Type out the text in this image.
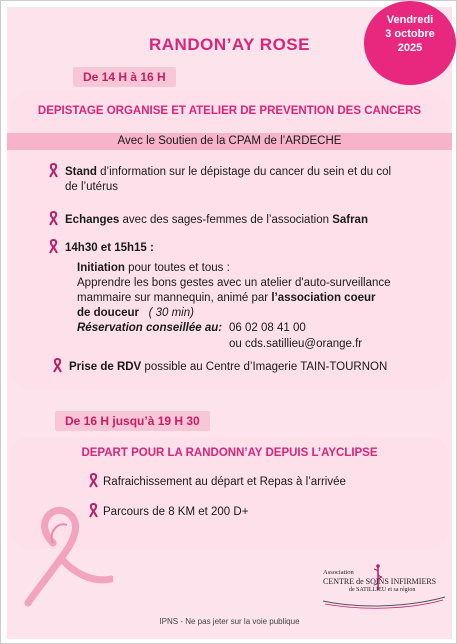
Vendredi
3 octobre
2025
RANDON’AY ROSE
De 14 H à 16 H
DEPISTAGE ORGANISE ET ATELIER DE PREVENTION DES CANCERS
Avec le Soutien de la CPAM de l’ARDECHE
Stand d’information sur le dépistage du cancer du sein et du col
de l’utérus
Echanges avec des sages-femmes de l’association Safran
14h30 et 15h15 :
Initiation pour toutes et tous :
Apprendre les bons gestes avec un atelier d'auto-surveillance
mammaire sur mannequin, animé par l’association coeur
de douceur ( 30 min)
Réservation conseillée au: 06 02 08 41 00
ou cds.satillieu@orange.fr
Prise de RDV possible au Centre d’Imagerie TAIN-TOURNON
De 16 H jusqu’à 19 H 30
DEPART POUR LA RANDONN’AY DEPUIS L’AYCLIPSE
Rafraichissement au départ et Repas à l’arrivée
Parcours de 8 KM et 200 D+
Association
CENTRE de SOINS INFIRMIERS
de SATILLIEU et sa région
IPNS - Ne pas jeter sur la voie publique
